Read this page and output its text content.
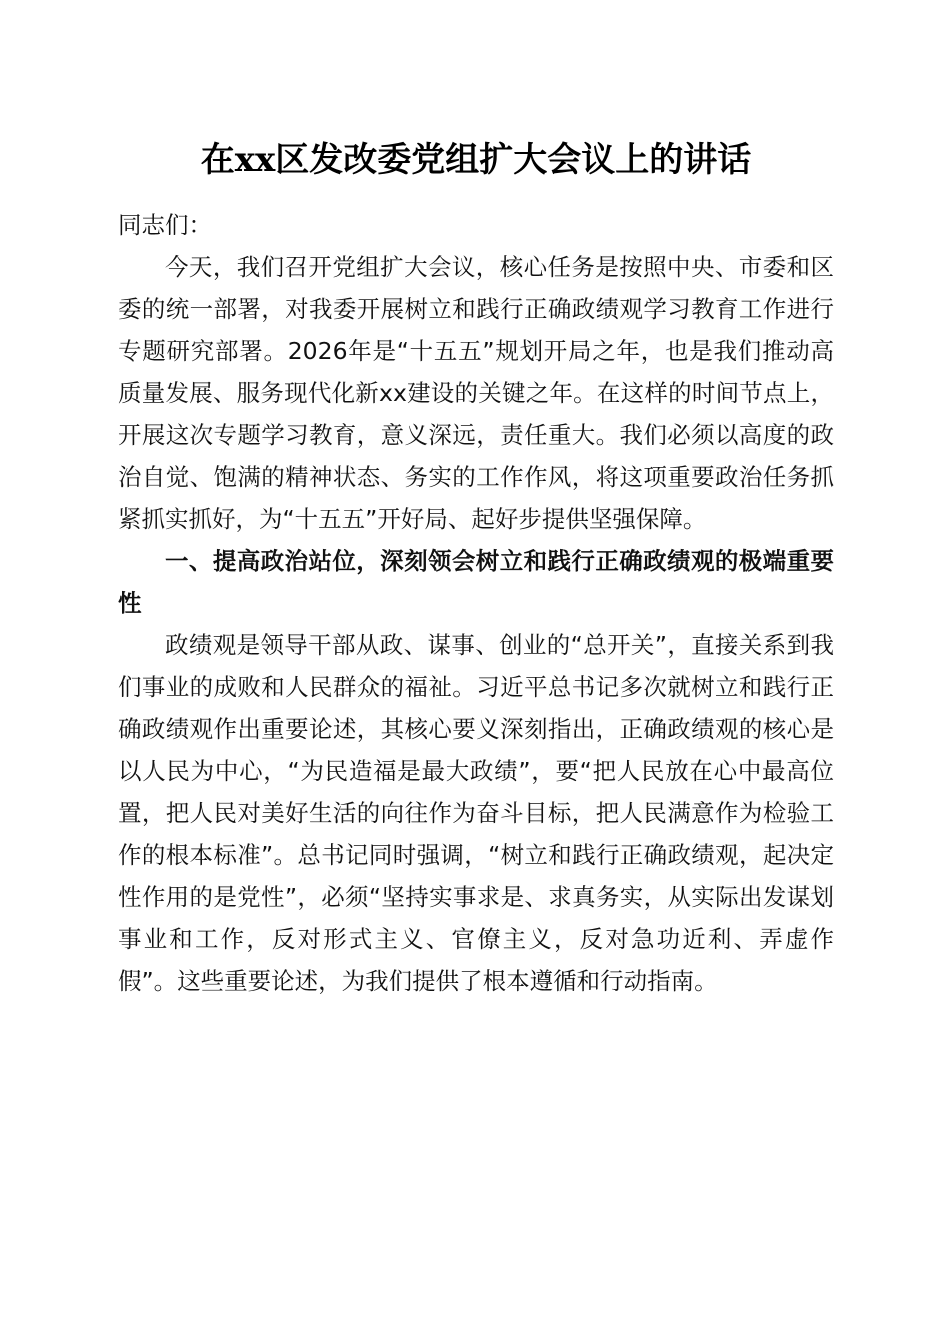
在xx区发改委党组扩大会议上的讲话

同志们：

今天，我们召开党组扩大会议，核心任务是按照中央、市委和区委的统一部署，对我委开展树立和践行正确政绩观学习教育工作进行专题研究部署。2026年是“十五五”规划开局之年，也是我们推动高质量发展、服务现代化新xx建设的关键之年。在这样的时间节点上，开展这次专题学习教育，意义深远，责任重大。我们必须以高度的政治自觉、饱满的精神状态、务实的工作作风，将这项重要政治任务抓紧抓实抓好，为“十五五”开好局、起好步提供坚强保障。

一、提高政治站位，深刻领会树立和践行正确政绩观的极端重要性

政绩观是领导干部从政、谋事、创业的“总开关”，直接关系到我们事业的成败和人民群众的福祉。习近平总书记多次就树立和践行正确政绩观作出重要论述，其核心要义深刻指出，正确政绩观的核心是以人民为中心，“为民造福是最大政绩”，要“把人民放在心中最高位置，把人民对美好生活的向往作为奋斗目标，把人民满意作为检验工作的根本标准”。总书记同时强调，“树立和践行正确政绩观，起决定性作用的是党性”，必须“坚持实事求是、求真务实，从实际出发谋划事业和工作，反对形式主义、官僚主义，反对急功近利、弄虚作假”。这些重要论述，为我们提供了根本遵循和行动指南。
